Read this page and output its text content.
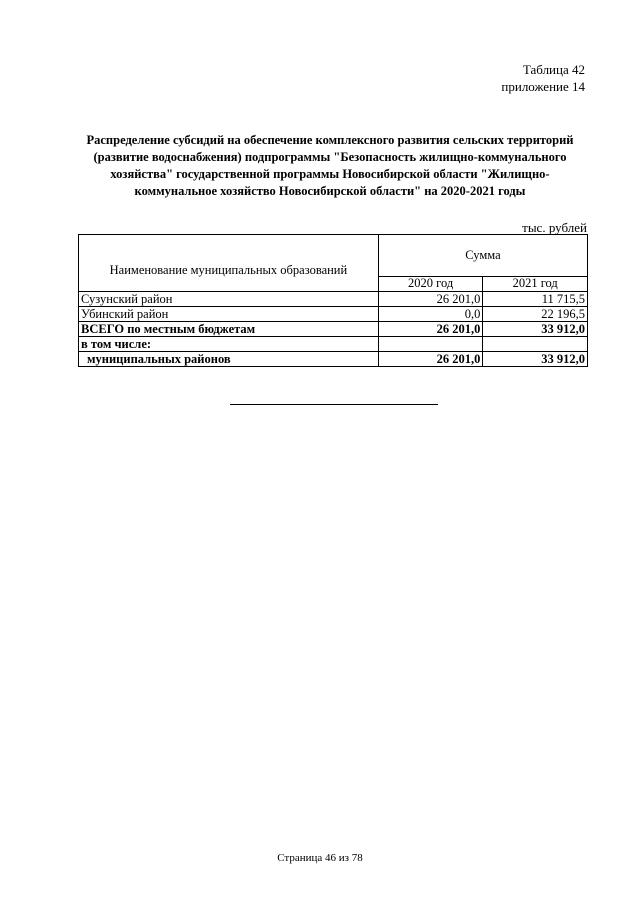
Таблица 42
приложение 14
Распределение субсидий на обеспечение комплексного развития сельских территорий (развитие водоснабжения) подпрограммы "Безопасность жилищно-коммунального хозяйства" государственной программы Новосибирской области "Жилищно-коммунальное хозяйство Новосибирской области" на 2020-2021 годы
тыс. рублей
Наименование муниципальных образований	Сумма	
	2020 год	2021 год
Сузунский район	26 201,0	11 715,5
Убинский район	0,0	22 196,5
ВСЕГО по местным бюджетам	26 201,0	33 912,0
в том числе:		
муниципальных районов	26 201,0	33 912,0
Страница 46 из 78
